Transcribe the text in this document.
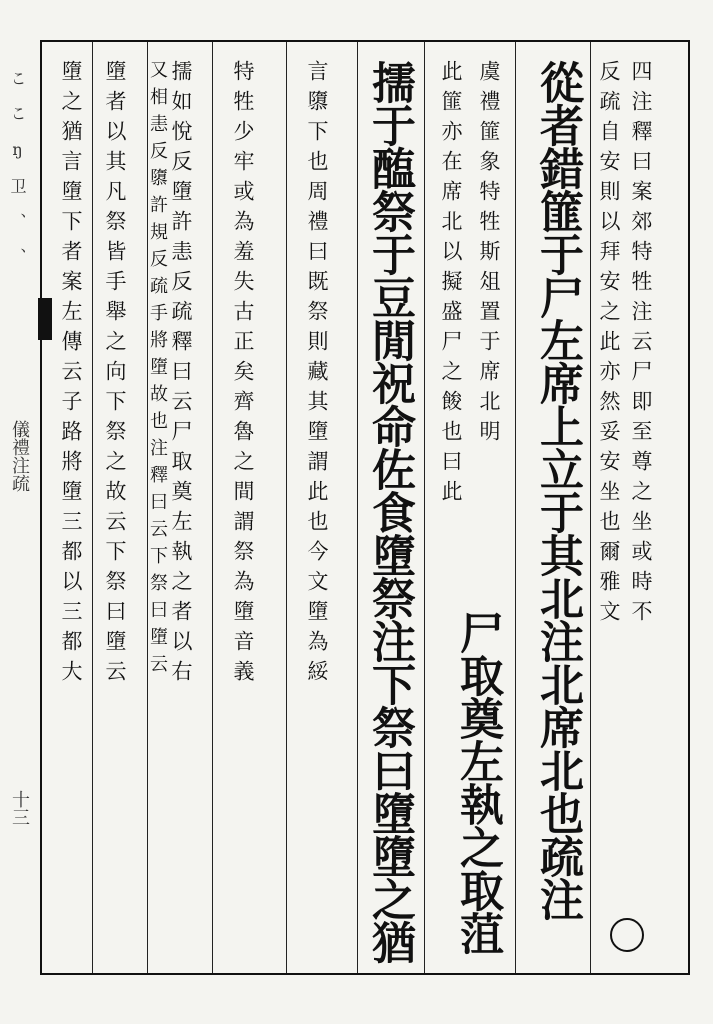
こ こ ŋ 卫 、 、
儀禮注疏
十三
四注釋曰案郊特牲注云尸即至尊之坐或時不
反疏自安則以拜安之此亦然妥安坐也爾雅文
從者錯篚于尸左席上立于其北注北席北也疏注
虞禮篚象特牲斯俎置于席北明
此篚亦在席北以擬盛尸之餕也曰此
尸取奠左執之取菹
擩于醢祭于豆閒祝命佐食墮祭注下祭曰墮墮之猶
言隳下也周禮曰既祭則藏其墮謂此也今文墮為綏
特牲少牢或為羞失古正矣齊魯之間謂祭為墮音義
擩如悅反墮許恚反疏釋曰云尸取奠左執之者以右
又相恚反隳許規反疏手將墮故也注釋曰云下祭曰墮云
墮者以其凡祭皆手舉之向下祭之故云下祭曰墮云
墮之猶言墮下者案左傳云子路將墮三都以三都大
